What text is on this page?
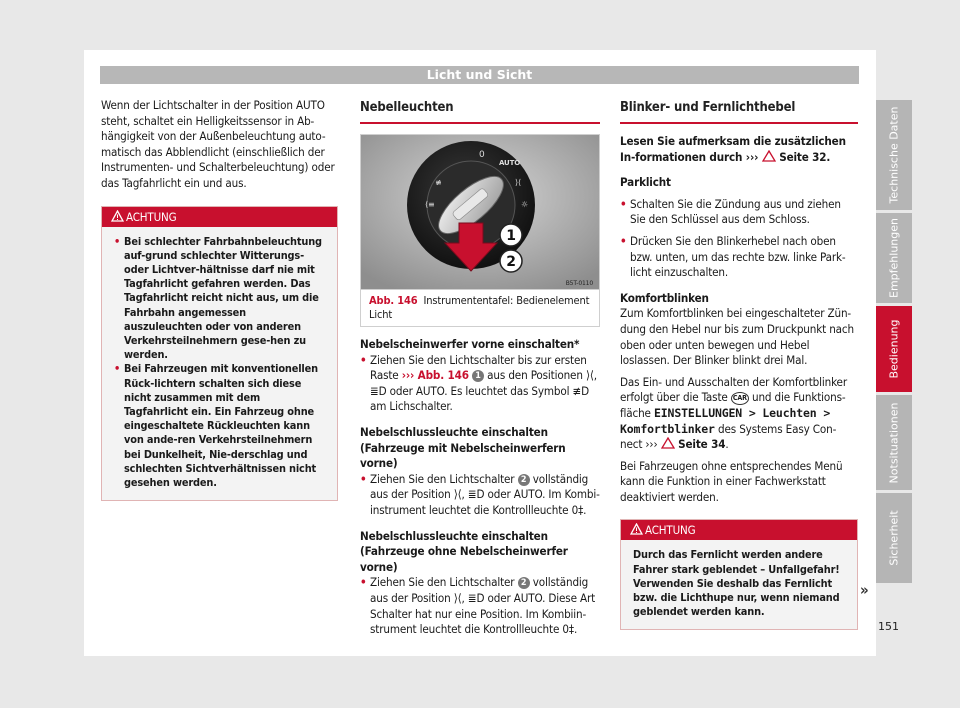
Licht und Sicht

Wenn der Lichtschalter in der Position AUTO steht, schaltet ein Helligkeitssensor in Ab-hängigkeit von der Außenbeleuchtung auto-matisch das Abblendlicht (einschließlich der Instrumenten- und Schalterbeleuchtung) oder das Tagfahrlicht ein und aus.

ACHTUNG

• Bei schlechter Fahrbahnbeleuchtung auf-grund schlechter Witterungs- oder Lichtver-hältnisse darf nie mit Tagfahrlicht gefahren werden. Das Tagfahrlicht reicht nicht aus, um die Fahrbahn angemessen auszuleuchten oder von anderen Verkehrsteilnehmern gese-hen zu werden.

• Bei Fahrzeugen mit konventionellen Rück-lichtern schalten sich diese nicht zusammen mit dem Tagfahrlicht ein. Ein Fahrzeug ohne eingeschaltete Rückleuchten kann von ande-ren Verkehrsteilnehmern bei Dunkelheit, Nie-derschlag und schlechten Sichtverhältnissen nicht gesehen werden.

Nebelleuchten
0
AUTO
⟩⟨
☼
≢
⟨≡
1
2
B5T-0110
Abb. 146 Instrumententafel: Bedienelement Licht

Nebelscheinwerfer vorne einschalten*

• Ziehen Sie den Lichtschalter bis zur ersten Raste ››› Abb. 146 1 aus den Positionen ⟩⟨, ≣D oder AUTO. Es leuchtet das Symbol ≢D am Lichschalter.

Nebelschlussleuchte einschalten (Fahrzeuge mit Nebelscheinwerfern vorne)

• Ziehen Sie den Lichtschalter 2 vollständig aus der Position ⟩⟨, ≣D oder AUTO. Im Kombi-instrument leuchtet die Kontrollleuchte 0‡.

Nebelschlussleuchte einschalten (Fahrzeuge ohne Nebelscheinwerfer vorne)

• Ziehen Sie den Lichtschalter 2 vollständig aus der Position ⟩⟨, ≣D oder AUTO. Diese Art Schalter hat nur eine Position. Im Kombiin-strument leuchtet die Kontrollleuchte 0‡.

Blinker- und Fernlichthebel

Lesen Sie aufmerksam die zusätzlichen In-formationen durch ›››  Seite 32.

Parklicht

• Schalten Sie die Zündung aus und ziehen Sie den Schlüssel aus dem Schloss.

• Drücken Sie den Blinkerhebel nach oben bzw. unten, um das rechte bzw. linke Park-licht einzuschalten.

Komfortblinken

Zum Komfortblinken bei eingeschalteter Zün-dung den Hebel nur bis zum Druckpunkt nach oben oder unten bewegen und Hebel loslassen. Der Blinker blinkt drei Mal.

Das Ein- und Ausschalten der Komfortblinker erfolgt über die Taste CAR und die Funktions-fläche EINSTELLUNGEN > Leuchten > Komfortblinker des Systems Easy Con-nect ›››  Seite 34.

Bei Fahrzeugen ohne entsprechendes Menü kann die Funktion in einer Fachwerkstatt deaktiviert werden.

ACHTUNG
Durch das Fernlicht werden andere Fahrer stark geblendet – Unfallgefahr! Verwenden Sie deshalb das Fernlicht bzw. die Lichthupe nur, wenn niemand geblendet werden kann.
»
Technische Daten
Empfehlungen
Bedienung
Notsituationen
Sicherheit
151
